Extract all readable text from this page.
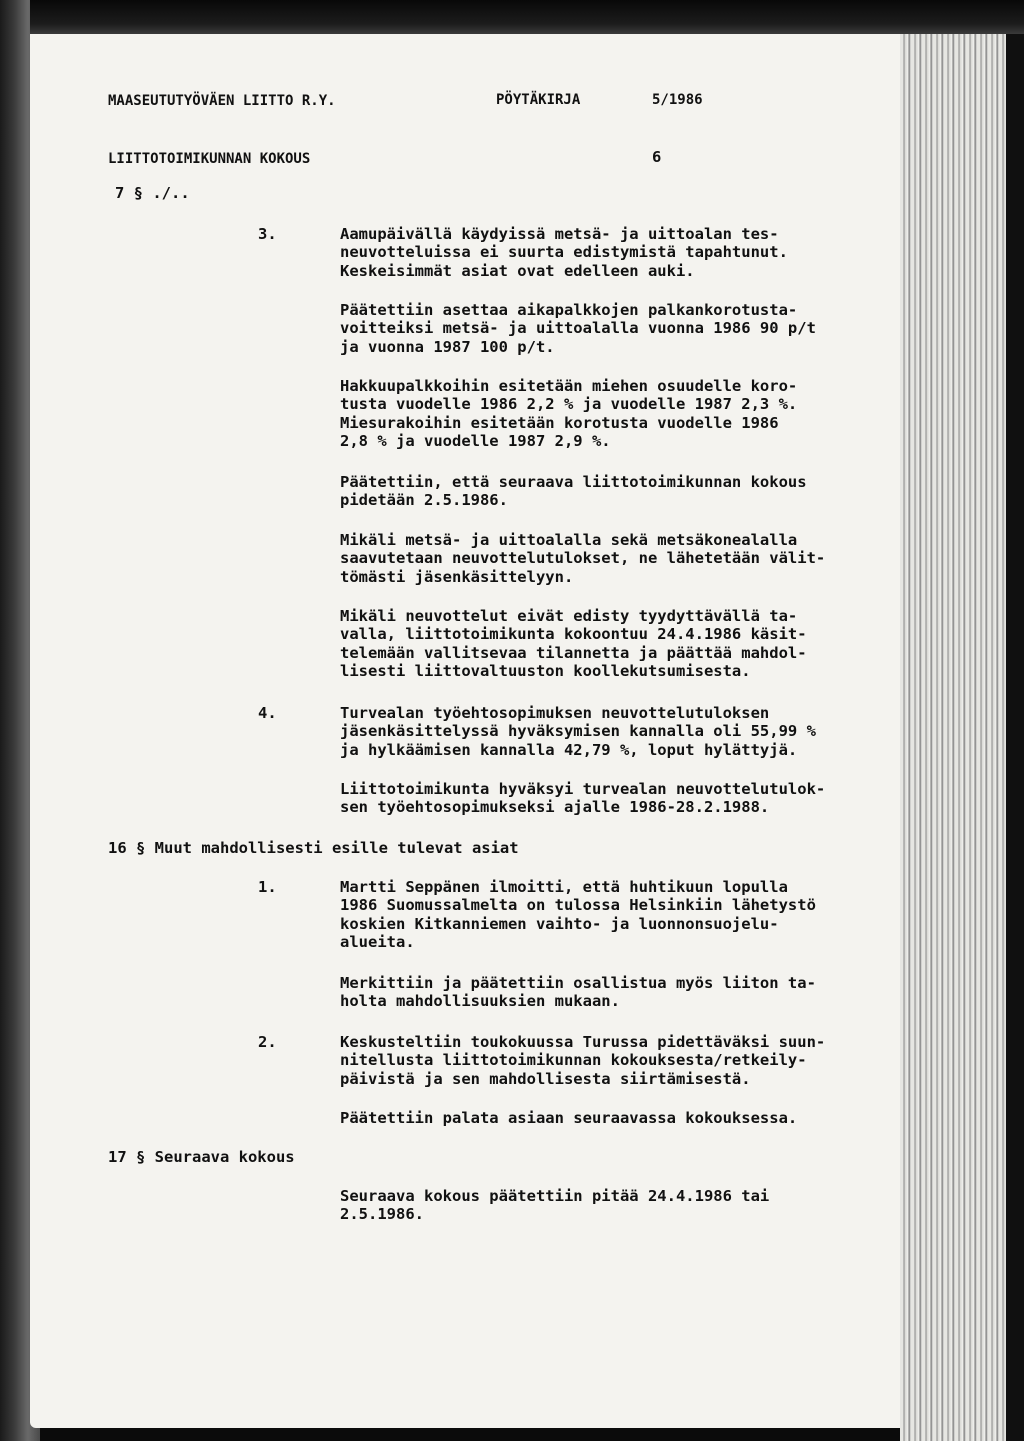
MAASEUTUTYÖVÄEN LIITTO R.Y.	PÖYTÄKIRJA	5/1986

LIITTOTOIMIKUNNAN KOKOUS	6

7 § ./..

3.	Aamupäivällä käydyissä metsä- ja uittoalan tes-
neuvotteluissa ei suurta edistymistä tapahtunut.
Keskeisimmät asiat ovat edelleen auki.

Päätettiin asettaa aikapalkkojen palkankorotusta-
voitteiksi metsä- ja uittoalalla vuonna 1986 90 p/t
ja vuonna 1987 100 p/t.

Hakkuupalkkoihin esitetään miehen osuudelle koro-
tusta vuodelle 1986 2,2 % ja vuodelle 1987 2,3 %.
Miesurakoihin esitetään korotusta vuodelle 1986
2,8 % ja vuodelle 1987 2,9 %.

Päätettiin, että seuraava liittotoimikunnan kokous
pidetään 2.5.1986.

Mikäli metsä- ja uittoalalla sekä metsäkonealalla
saavutetaan neuvottelutulokset, ne lähetetään välit-
tömästi jäsenkäsittelyyn.

Mikäli neuvottelut eivät edisty tyydyttävällä ta-
valla, liittotoimikunta kokoontuu 24.4.1986 käsit-
telemään vallitsevaa tilannetta ja päättää mahdol-
lisesti liittovaltuuston koollekutsumisesta.

4.	Turvealan työehtosopimuksen neuvottelutuloksen
jäsenkäsittelyssä hyväksymisen kannalla oli 55,99 %
ja hylkäämisen kannalla 42,79 %, loput hylättyjä.

Liittotoimikunta hyväksyi turvealan neuvottelutulok-
sen työehtosopimukseksi ajalle 1986-28.2.1988.

16 § Muut mahdollisesti esille tulevat asiat

1.	Martti Seppänen ilmoitti, että huhtikuun lopulla
1986 Suomussalmelta on tulossa Helsinkiin lähetystö
koskien Kitkanniemen vaihto- ja luonnonsuojelu-
alueita.

Merkittiin ja päätettiin osallistua myös liiton ta-
holta mahdollisuuksien mukaan.

2.	Keskusteltiin toukokuussa Turussa pidettäväksi suun-
nitellusta liittotoimikunnan kokouksesta/retkeily-
päivistä ja sen mahdollisesta siirtämisestä.

Päätettiin palata asiaan seuraavassa kokouksessa.

17 § Seuraava kokous

Seuraava kokous päätettiin pitää 24.4.1986 tai
2.5.1986.
